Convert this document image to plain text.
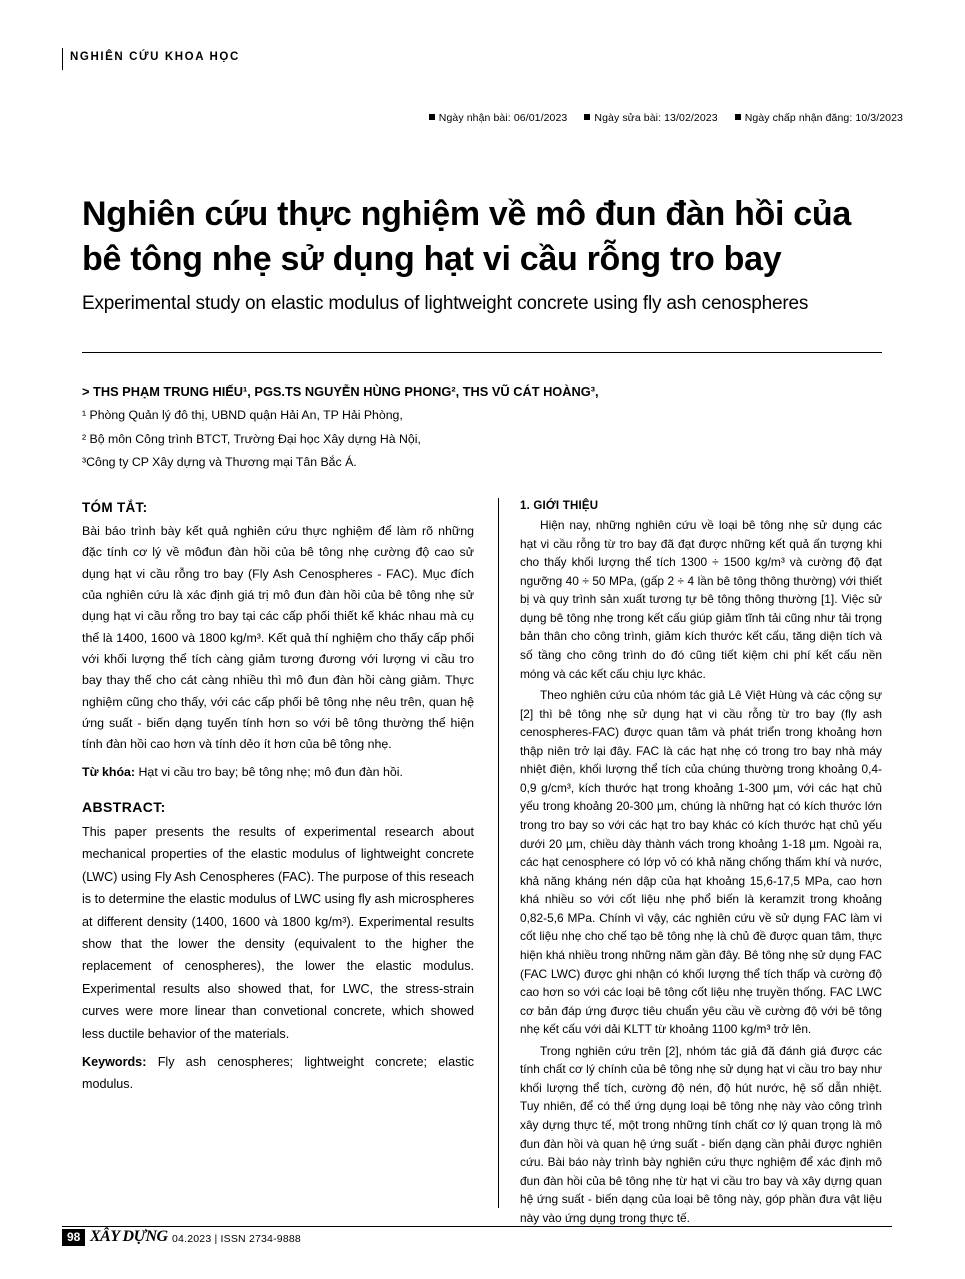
NGHIÊN CỨU KHOA HỌC
Ngày nhận bài: 06/01/2023	Ngày sửa bài: 13/02/2023	Ngày chấp nhận đăng: 10/3/2023
Nghiên cứu thực nghiệm về mô đun đàn hồi của
bê tông nhẹ sử dụng hạt vi cầu rỗng tro bay
Experimental study on elastic modulus of lightweight concrete using fly ash cenospheres
> THS PHẠM TRUNG HIẾU¹, PGS.TS NGUYỄN HÙNG PHONG², THS VŨ CÁT HOÀNG³,
¹ Phòng Quản lý đô thị, UBND quận Hải An, TP Hải Phòng,
² Bộ môn Công trình BTCT, Trường Đại học Xây dựng Hà Nội,
³Công ty CP Xây dựng và Thương mại Tân Bắc Á.
TÓM TẮT:

Bài báo trình bày kết quả nghiên cứu thực nghiệm để làm rõ những đặc tính cơ lý về môđun đàn hồi của bê tông nhẹ cường độ cao sử dụng hạt vi cầu rỗng tro bay (Fly Ash Cenospheres - FAC). Mục đích của nghiên cứu là xác định giá trị mô đun đàn hồi của bê tông nhẹ sử dụng hạt vi cầu rỗng tro bay tại các cấp phối thiết kế khác nhau mà cụ thể là 1400, 1600 và 1800 kg/m³. Kết quả thí nghiệm cho thấy cấp phối với khối lượng thể tích càng giảm tương đương với lượng vi cầu tro bay thay thế cho cát càng nhiều thì mô đun đàn hồi càng giảm. Thực nghiệm cũng cho thấy, với các cấp phối bê tông nhẹ nêu trên, quan hệ ứng suất - biến dạng tuyến tính hơn so với bê tông thường thể hiện tính đàn hồi cao hơn và tính dẻo ít hơn của bê tông nhẹ.

Từ khóa: Hạt vi cầu tro bay; bê tông nhẹ; mô đun đàn hồi.

ABSTRACT:

This paper presents the results of experimental research about mechanical properties of the elastic modulus of lightweight concrete (LWC) using Fly Ash Cenospheres (FAC). The purpose of this reseach is to determine the elastic modulus of LWC using fly ash microspheres at different density (1400, 1600 và 1800 kg/m³). Experimental results show that the lower the density (equivalent to the higher the replacement of cenospheres), the lower the elastic modulus. Experimental results also showed that, for LWC, the stress-strain curves were more linear than convetional concrete, which showed less ductile behavior of the materials.

Keywords: Fly ash cenospheres; lightweight concrete; elastic modulus.

1. GIỚI THIỆU

Hiện nay, những nghiên cứu về loại bê tông nhẹ sử dụng các hạt vi cầu rỗng từ tro bay đã đạt được những kết quả ấn tượng khi cho thấy khối lượng thể tích 1300 ÷ 1500 kg/m³ và cường độ đạt ngưỡng 40 ÷ 50 MPa, (gấp 2 ÷ 4 lần bê tông thông thường) với thiết bị và quy trình sản xuất tương tự bê tông thông thường [1]. Việc sử dụng bê tông nhẹ trong kết cấu giúp giảm tĩnh tải cũng như tải trọng bản thân cho công trình, giảm kích thước kết cấu, tăng diện tích và số tầng cho công trình do đó cũng tiết kiệm chi phí kết cấu nền móng và các kết cấu chịu lực khác.

Theo nghiên cứu của nhóm tác giả Lê Việt Hùng và các cộng sự [2] thì bê tông nhẹ sử dụng hạt vi cầu rỗng từ tro bay (fly ash cenospheres-FAC) được quan tâm và phát triển trong khoảng hơn thập niên trở lại đây. FAC là các hạt nhẹ có trong tro bay nhà máy nhiệt điện, khối lượng thể tích của chúng thường trong khoảng 0,4-0,9 g/cm³, kích thước hạt trong khoảng 1-300 µm, với các hạt chủ yếu trong khoảng 20-300 µm, chúng là những hạt có kích thước lớn trong tro bay so với các hạt tro bay khác có kích thước hạt chủ yếu dưới 20 µm, chiều dày thành vách trong khoảng 1-18 µm. Ngoài ra, các hạt cenosphere có lớp vỏ có khả năng chống thấm khí và nước, khả năng kháng nén dập của hạt khoảng 15,6-17,5 MPa, cao hơn khá nhiều so với cốt liệu nhẹ phổ biến là keramzit trong khoảng 0,82-5,6 MPa. Chính vì vậy, các nghiên cứu về sử dụng FAC làm vi cốt liệu nhẹ cho chế tạo bê tông nhẹ là chủ đề được quan tâm, thực hiện khá nhiều trong những năm gần đây. Bê tông nhẹ sử dụng FAC (FAC LWC) được ghi nhận có khối lượng thể tích thấp và cường độ cao hơn so với các loại bê tông cốt liệu nhẹ truyền thống. FAC LWC cơ bản đáp ứng được tiêu chuẩn yêu cầu về cường độ với bê tông nhẹ kết cấu với dải KLTT từ khoảng 1100 kg/m³ trở lên.

Trong nghiên cứu trên [2], nhóm tác giả đã đánh giá được các tính chất cơ lý chính của bê tông nhẹ sử dụng hạt vi cầu tro bay như khối lượng thể tích, cường độ nén, độ hút nước, hệ số dẫn nhiệt. Tuy nhiên, để có thể ứng dụng loại bê tông nhẹ này vào công trình xây dựng thực tế, một trong những tính chất cơ lý quan trọng là mô đun đàn hồi và quan hệ ứng suất - biến dạng cần phải được nghiên cứu. Bài báo này trình bày nghiên cứu thực nghiệm để xác định mô đun đàn hồi của bê tông nhẹ từ hạt vi cầu tro bay và xây dựng quan hệ ứng suất - biến dạng của loại bê tông này, góp phần đưa vật liệu này vào ứng dụng trong thực tế.

98 XÂY DỰNG 04.2023 | ISSN 2734-9888
